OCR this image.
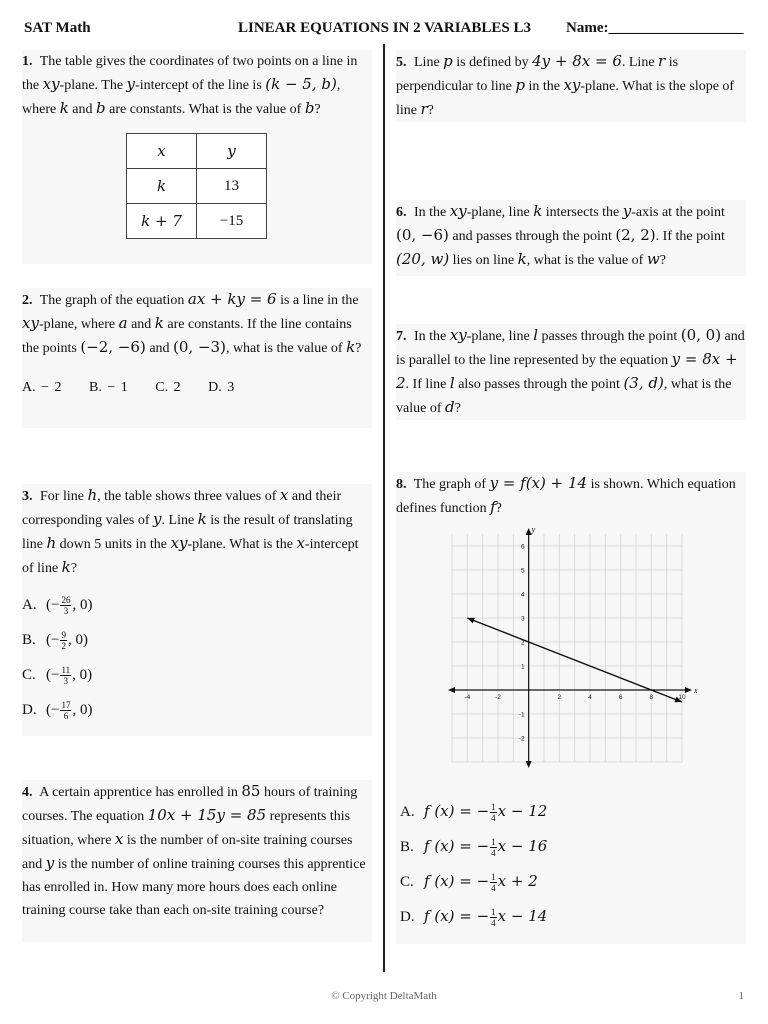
SAT Math	LINEAR EQUATIONS IN 2 VARIABLES L3 Name:__________________
1. The table gives the coordinates of two points on a line in the xy-plane. The y-intercept of the line is (k − 5, b), where k and b are constants. What is the value of b?
x	y
k	13
k + 7	−15
2. The graph of the equation ax + ky = 6 is a line in the xy-plane, where a and k are constants. If the line contains the points (−2, −6) and (0, −3), what is the value of k?
A. − 2 B. − 1 C. 2 D. 3
3. For line h, the table shows three values of x and their corresponding vales of y. Line k is the result of translating line h down 5 units in the xy-plane. What is the x-intercept of line k?
A. (− $\frac{26}{3}$ , 0)
B. (− $\frac{9}{2}$ , 0)
C. (− $\frac{11}{3}$ , 0)
D. (− $\frac{17}{6}$ , 0)
4. A certain apprentice has enrolled in 85 hours of training courses. The equation 10x + 15y = 85 represents this situation, where x is the number of on-site training courses and y is the number of online training courses this apprentice has enrolled in. How many more hours does each online training course take than each on-site training course?
5. Line p is defined by 4y + 8x = 6. Line r is perpendicular to line p in the xy-plane. What is the slope of line r?
6. In the xy-plane, line k intersects the y-axis at the point (0, −6) and passes through the point (2, 2). If the point (20, w) lies on line k, what is the value of w?
7. In the xy-plane, line l passes through the point (0, 0) and is parallel to the line represented by the equation y = 8x + 2. If line l also passes through the point (3, d), what is the value of d?
8. The graph of y = f(x) + 14 is shown. Which equation defines function f?
A. f (x) = − $\frac{1}{4}$ x − 12
B. f (x) = − $\frac{1}{4}$ x − 16
C. f (x) = − $\frac{1}{4}$ x + 2
D. f (x) = − $\frac{1}{4}$ x − 14
x
y
-4	-2	2	4	6	8	10
-2
-1
1
2
3
4
5
6
© Copyright DeltaMath	1
